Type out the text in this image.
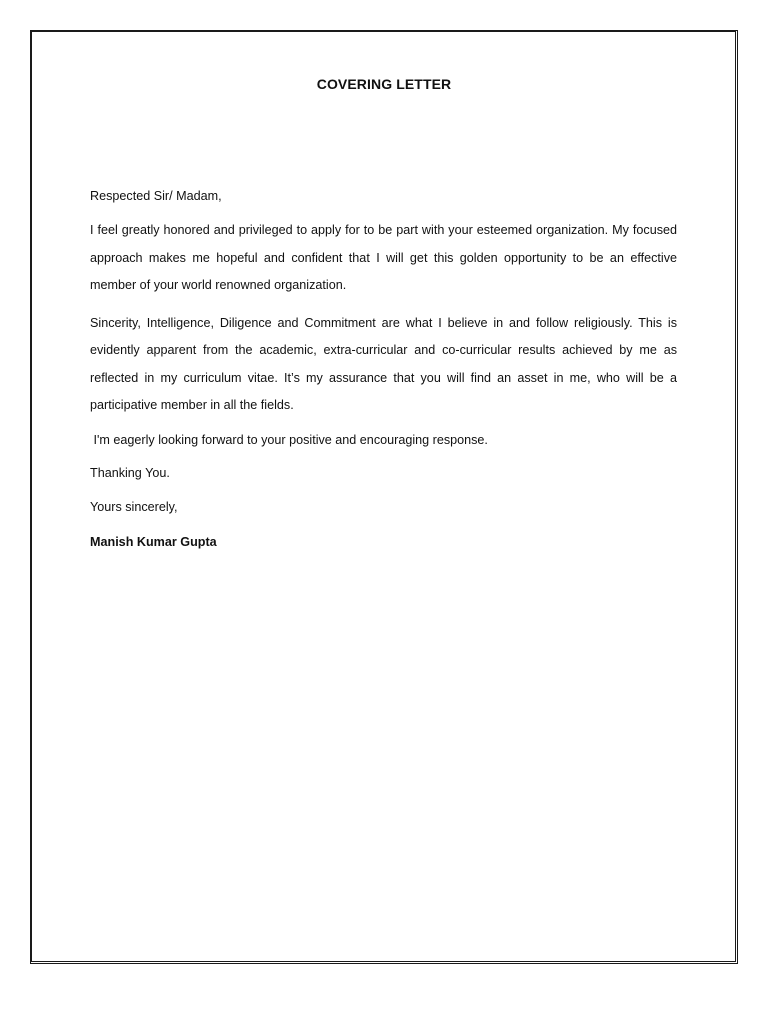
COVERING LETTER

Respected Sir/ Madam,

I feel greatly honored and privileged to apply for to be part with your esteemed organization. My focused approach makes me hopeful and confident that I will get this golden opportunity to be an effective member of your world renowned organization.

Sincerity, Intelligence, Diligence and Commitment are what I believe in and follow religiously. This is evidently apparent from the academic, extra-curricular and co-curricular results achieved by me as reflected in my curriculum vitae. It’s my assurance that you will find an asset in me, who will be a participative member in all the fields.

I'm eagerly looking forward to your positive and encouraging response.

Thanking You.

Yours sincerely,

Manish Kumar Gupta
